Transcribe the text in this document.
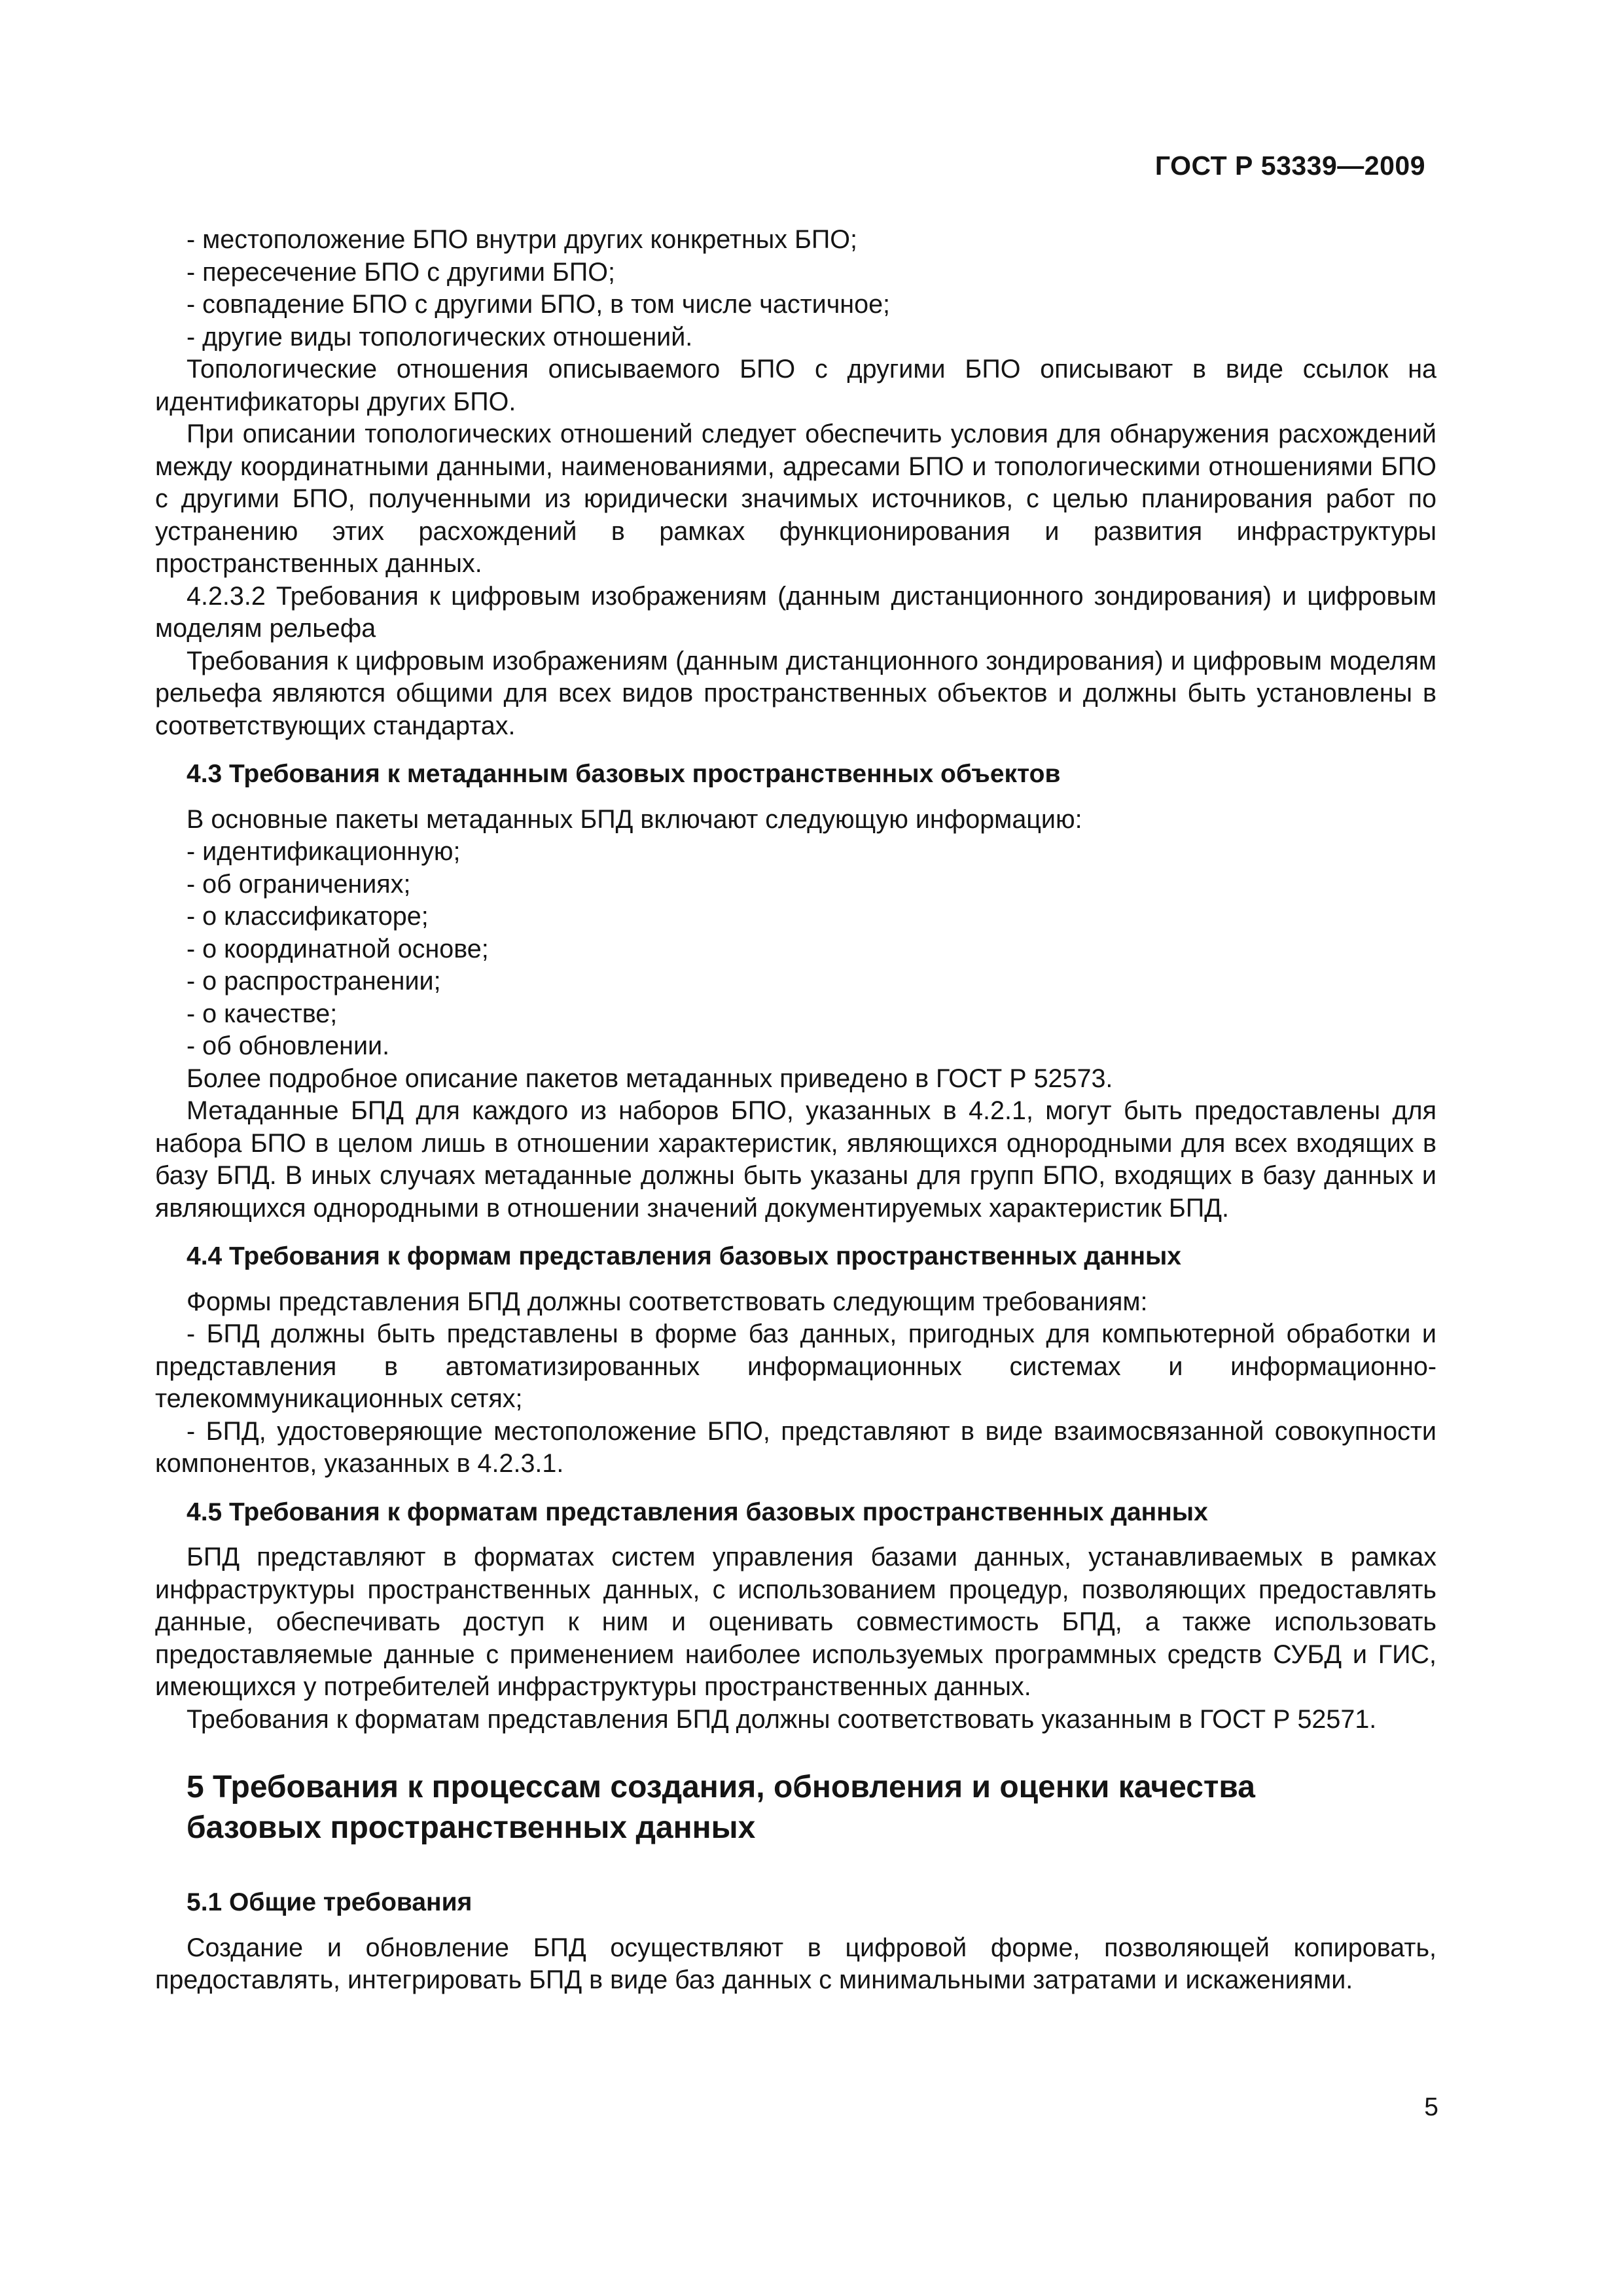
ГОСТ Р 53339—2009

- местоположение БПО внутри других конкретных БПО;

- пересечение БПО с другими БПО;

- совпадение БПО с другими БПО, в том числе частичное;

- другие виды топологических отношений.

Топологические отношения описываемого БПО с другими БПО описывают в виде ссылок на идентификаторы других БПО.

При описании топологических отношений следует обеспечить условия для обнаружения расхождений между координатными данными, наименованиями, адресами БПО и топологическими отношениями БПО с другими БПО, полученными из юридически значимых источников, с целью планирования работ по устранению этих расхождений в рамках функционирования и развития инфраструктуры пространственных данных.

4.2.3.2 Требования к цифровым изображениям (данным дистанционного зондирования) и цифровым моделям рельефа

Требования к цифровым изображениям (данным дистанционного зондирования) и цифровым моделям рельефа являются общими для всех видов пространственных объектов и должны быть установлены в соответствующих стандартах.

4.3 Требования к метаданным базовых пространственных объектов

В основные пакеты метаданных БПД включают следующую информацию:

- идентификационную;

- об ограничениях;

- о классификаторе;

- о координатной основе;

- о распространении;

- о качестве;

- об обновлении.

Более подробное описание пакетов метаданных приведено в ГОСТ Р 52573.

Метаданные БПД для каждого из наборов БПО, указанных в 4.2.1, могут быть предоставлены для набора БПО в целом лишь в отношении характеристик, являющихся однородными для всех входящих в базу БПД. В иных случаях метаданные должны быть указаны для групп БПО, входящих в базу данных и являющихся однородными в отношении значений документируемых характеристик БПД.

4.4 Требования к формам представления базовых пространственных данных

Формы представления БПД должны соответствовать следующим требованиям:

- БПД должны быть представлены в форме баз данных, пригодных для компьютерной обработки и представления в автоматизированных информационных системах и информационно-телекоммуникационных сетях;

- БПД, удостоверяющие местоположение БПО, представляют в виде взаимосвязанной совокупности компонентов, указанных в 4.2.3.1.

4.5 Требования к форматам представления базовых пространственных данных

БПД представляют в форматах систем управления базами данных, устанавливаемых в рамках инфраструктуры пространственных данных, с использованием процедур, позволяющих предоставлять данные, обеспечивать доступ к ним и оценивать совместимость БПД, а также использовать предоставляемые данные с применением наиболее используемых программных средств СУБД и ГИС, имеющихся у потребителей инфраструктуры пространственных данных.

Требования к форматам представления БПД должны соответствовать указанным в ГОСТ Р 52571.

5 Требования к процессам создания, обновления и оценки качества базовых пространственных данных
5.1 Общие требования

Создание и обновление БПД осуществляют в цифровой форме, позволяющей копировать, предоставлять, интегрировать БПД в виде баз данных с минимальными затратами и искажениями.

5
